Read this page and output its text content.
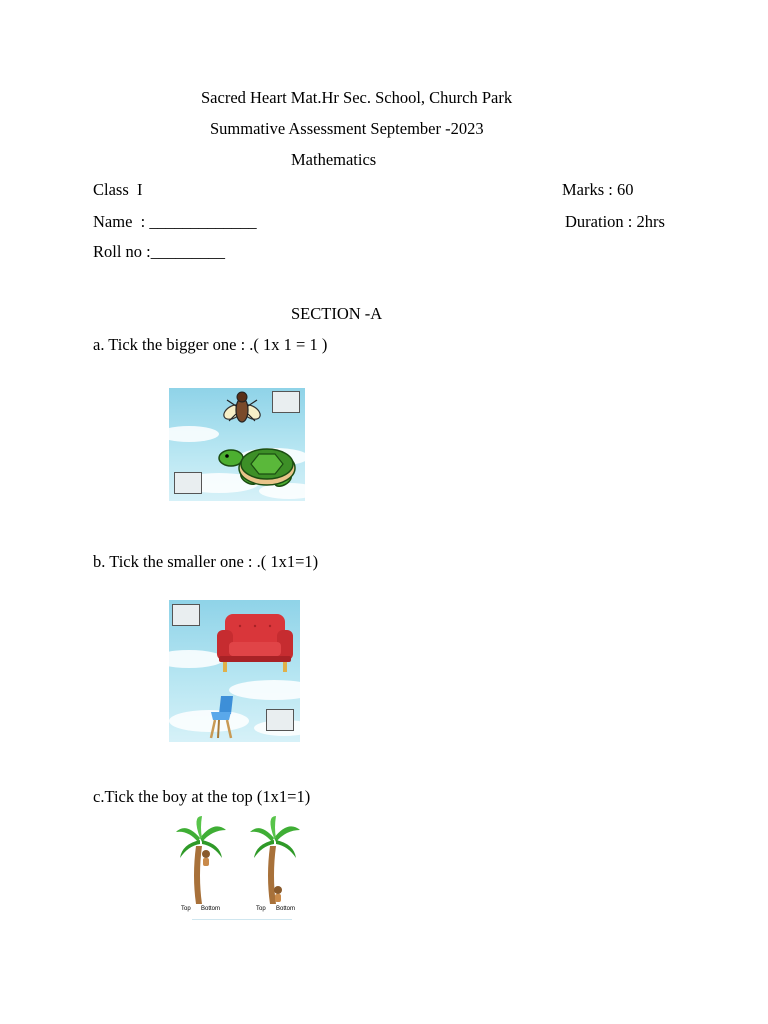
Sacred Heart Mat.Hr Sec. School, Church Park
Summative Assessment September -2023
Mathematics
Class  I	Marks : 60
Name  : _____________	Duration : 2hrs
Roll no :_________
SECTION -A
a. Tick the bigger one : .( 1x 1 = 1 )
b. Tick the smaller one : .( 1x1=1)
c.Tick the boy at the top (1x1=1)
Top Bottom	Top Bottom
